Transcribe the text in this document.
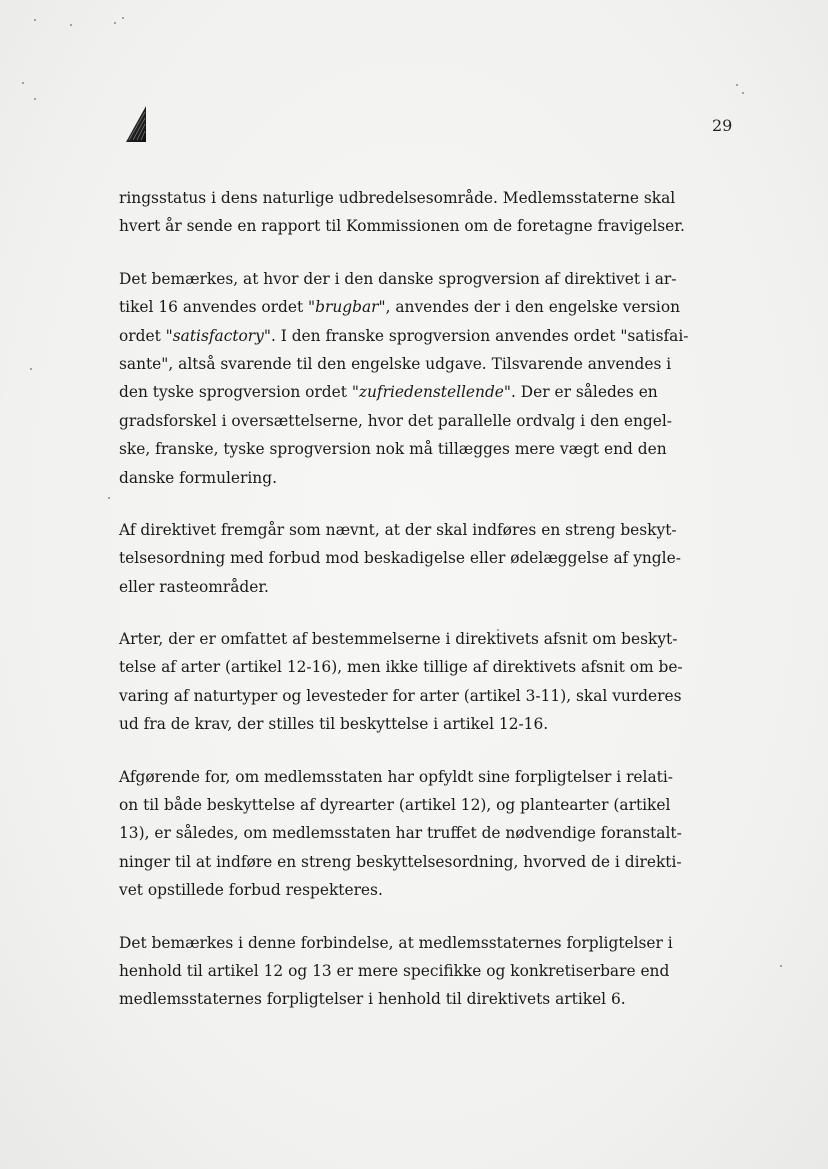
29
ringsstatus i dens naturlige udbredelsesområde. Medlemsstaterne skal
hvert år sende en rapport til Kommissionen om de foretagne fravigelser.
Det bemærkes, at hvor der i den danske sprogversion af direktivet i ar-
tikel 16 anvendes ordet "brugbar", anvendes der i den engelske version
ordet "satisfactory". I den franske sprogversion anvendes ordet "satisfai-
sante", altså svarende til den engelske udgave. Tilsvarende anvendes i
den tyske sprogversion ordet "zufriedenstellende". Der er således en
gradsforskel i oversættelserne, hvor det parallelle ordvalg i den engel-
ske, franske, tyske sprogversion nok må tillægges mere vægt end den
danske formulering.
Af direktivet fremgår som nævnt, at der skal indføres en streng beskyt-
telsesordning med forbud mod beskadigelse eller ødelæggelse af yngle-
eller rasteområder.
Arter, der er omfattet af bestemmelserne i direktivets afsnit om beskyt-
telse af arter (artikel 12-16), men ikke tillige af direktivets afsnit om be-
varing af naturtyper og levesteder for arter (artikel 3-11), skal vurderes
ud fra de krav, der stilles til beskyttelse i artikel 12-16.
Afgørende for, om medlemsstaten har opfyldt sine forpligtelser i relati-
on til både beskyttelse af dyrearter (artikel 12), og plantearter (artikel
13), er således, om medlemsstaten har truffet de nødvendige foranstalt-
ninger til at indføre en streng beskyttelsesordning, hvorved de i direkti-
vet opstillede forbud respekteres.
Det bemærkes i denne forbindelse, at medlemsstaternes forpligtelser i
henhold til artikel 12 og 13 er mere specifikke og konkretiserbare end
medlemsstaternes forpligtelser i henhold til direktivets artikel 6.
